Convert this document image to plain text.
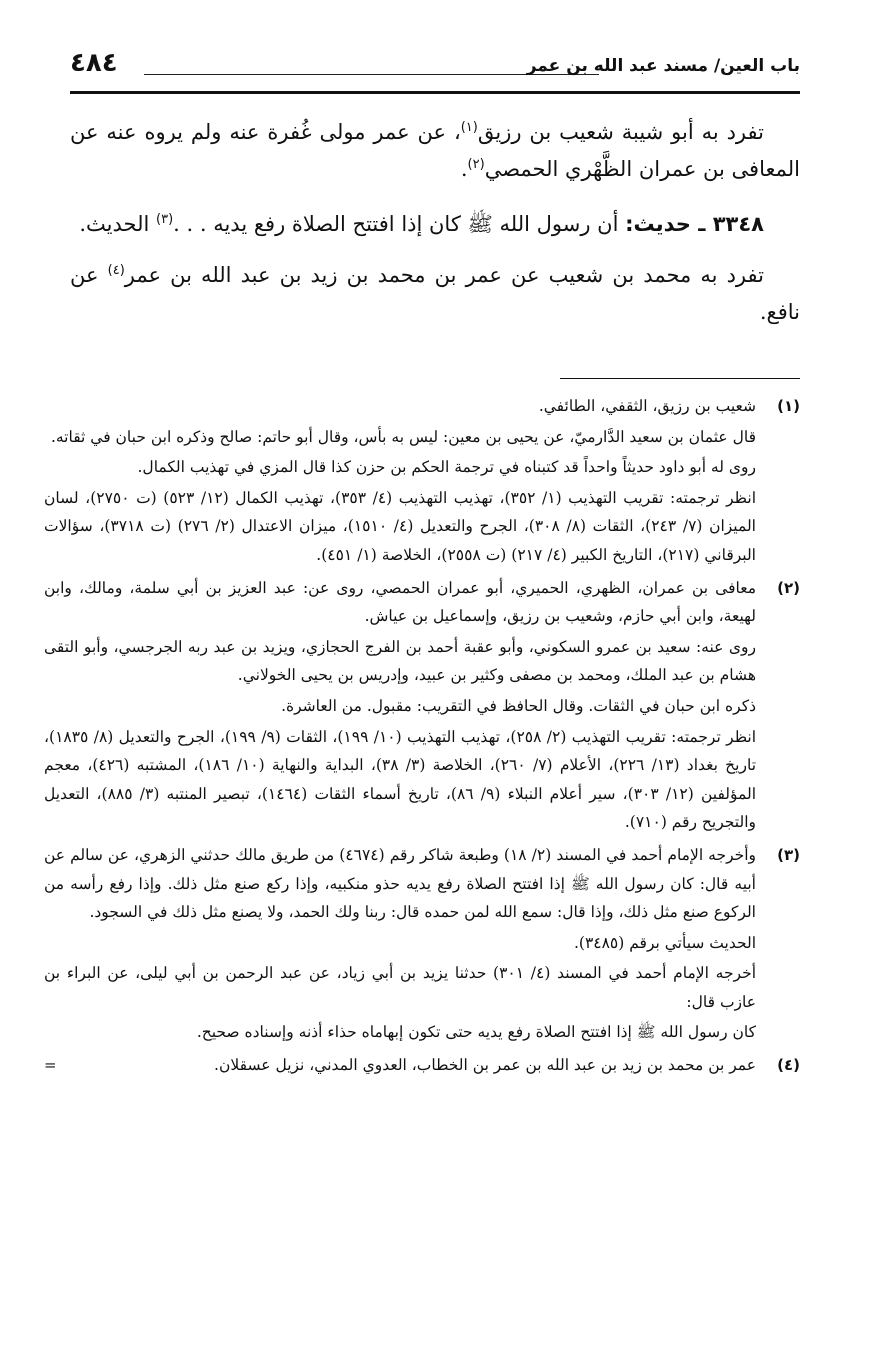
٤٨٤	باب العين/ مسند عبد الله بن عمر

تفرد به أبو شيبة شعيب بن رزيق$^{(١)}$، عن عمر مولى غُفرة عنه ولم يروه عنه عن المعافى بن عمران الظَّهْري الحمصي$^{(٢)}$.

٣٣٤٨ ـ حديث: أن رسول الله ﷺ كان إذا افتتح الصلاة رفع يديه . . .$^{(٣)}$ الحديث.

تفرد به محمد بن شعيب عن عمر بن محمد بن زيد بن عبد الله بن عمر$^{(٤)}$ عن نافع.

(١)

شعيب بن رزيق، الثقفي، الطائفي.

قال عثمان بن سعيد الدَّارميّ، عن يحيى بن معين: ليس به بأس، وقال أبو حاتم: صالح وذكره ابن حبان في ثقاته.

روى له أبو داود حديثاً واحداً قد كتبناه في ترجمة الحكم بن حزن كذا قال المزي في تهذيب الكمال.

انظر ترجمته: تقريب التهذيب (١/ ٣٥٢)، تهذيب التهذيب (٤/ ٣٥٣)، تهذيب الكمال (١٢/ ٥٢٣) (ت ٢٧٥٠)، لسان الميزان (٧/ ٢٤٣)، الثقات (٨/ ٣٠٨)، الجرح والتعديل (٤/ ١٥١٠)، ميزان الاعتدال (٢/ ٢٧٦) (ت ٣٧١٨)، سؤالات البرقاني (٢١٧)، التاريخ الكبير (٤/ ٢١٧) (ت ٢٥٥٨)، الخلاصة (١/ ٤٥١).

(٢)

معافى بن عمران، الظهري، الحميري، أبو عمران الحمصي، روى عن: عبد العزيز بن أبي سلمة، ومالك، وابن لهيعة، وابن أبي حازم، وشعيب بن رزيق، وإسماعيل بن عياش.

روى عنه: سعيد بن عمرو السكوني، وأبو عقبة أحمد بن الفرج الحجازي، ويزيد بن عبد ربه الجرجسي، وأبو التقى هشام بن عبد الملك، ومحمد بن مصفى وكثير بن عبيد، وإدريس بن يحيى الخولاني.

ذكره ابن حبان في الثقات. وقال الحافظ في التقريب: مقبول. من العاشرة.

انظر ترجمته: تقريب التهذيب (٢/ ٢٥٨)، تهذيب التهذيب (١٠/ ١٩٩)، الثقات (٩/ ١٩٩)، الجرح والتعديل (٨/ ١٨٣٥)، تاريخ بغداد (١٣/ ٢٢٦)، الأعلام (٧/ ٢٦٠)، الخلاصة (٣/ ٣٨)، البداية والنهاية (١٠/ ١٨٦)، المشتبه (٤٢٦)، معجم المؤلفين (١٢/ ٣٠٣)، سير أعلام النبلاء (٩/ ٨٦)، تاريخ أسماء الثقات (١٤٦٤)، تبصير المنتبه (٣/ ٨٨٥)، التعديل والتجريح رقم (٧١٠).

(٣)

وأخرجه الإمام أحمد في المسند (٢/ ١٨) وطبعة شاكر رقم (٤٦٧٤) من طريق مالك حدثني الزهري، عن سالم عن أبيه قال: كان رسول الله ﷺ إذا افتتح الصلاة رفع يديه حذو منكبيه، وإذا ركع صنع مثل ذلك. وإذا رفع رأسه من الركوع صنع مثل ذلك، وإذا قال: سمع الله لمن حمده قال: ربنا ولك الحمد، ولا يصنع مثل ذلك في السجود.

الحديث سيأتي برقم (٣٤٨٥).

أخرجه الإمام أحمد في المسند (٤/ ٣٠١) حدثنا يزيد بن أبي زياد، عن عبد الرحمن بن أبي ليلى، عن البراء بن عازب قال:

كان رسول الله ﷺ إذا افتتح الصلاة رفع يديه حتى تكون إبهاماه حذاء أذنه وإسناده صحيح.

(٤)

عمر بن محمد بن زيد بن عبد الله بن عمر بن الخطاب، العدوي المدني، نزيل عسقلان.
=
